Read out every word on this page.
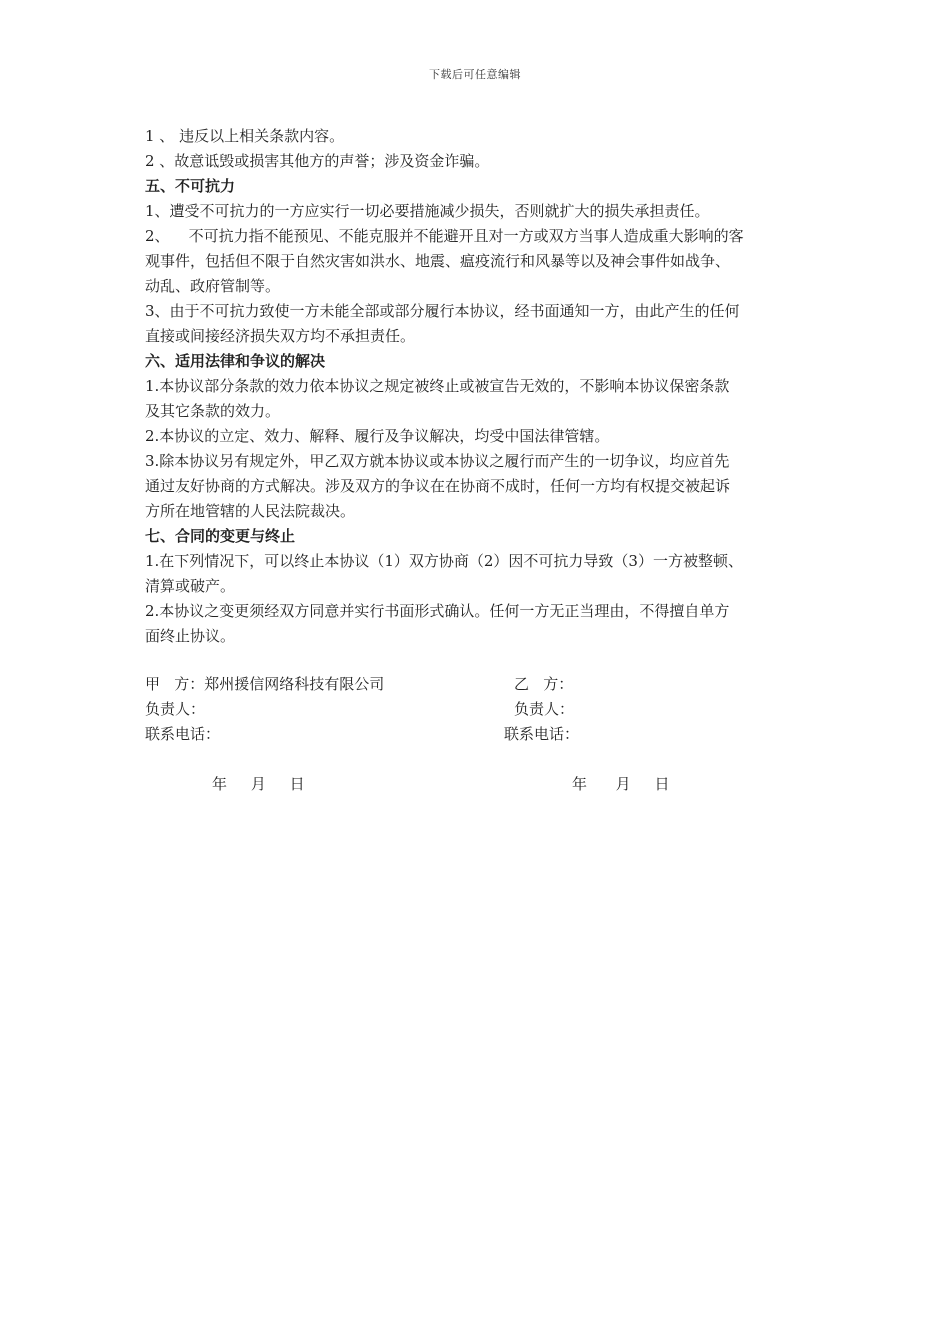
下载后可任意编辑

1 、 违反以上相关条款内容。

2 、故意诋毁或损害其他方的声誉；涉及资金诈骗。

五、不可抗力

1、遭受不可抗力的一方应实行一切必要措施减少损失，否则就扩大的损失承担责任。

2、    不可抗力指不能预见、不能克服并不能避开且对一方或双方当事人造成重大影响的客

观事件，包括但不限于自然灾害如洪水、地震、瘟疫流行和风暴等以及神会事件如战争、

动乱、政府管制等。

3、由于不可抗力致使一方未能全部或部分履行本协议，经书面通知一方，由此产生的任何

直接或间接经济损失双方均不承担责任。

六、适用法律和争议的解决

1.本协议部分条款的效力依本协议之规定被终止或被宣告无效的，不影响本协议保密条款

及其它条款的效力。

2.本协议的立定、效力、解释、履行及争议解决，均受中国法律管辖。

3.除本协议另有规定外，甲乙双方就本协议或本协议之履行而产生的一切争议，均应首先

通过友好协商的方式解决。涉及双方的争议在在协商不成时，任何一方均有权提交被起诉

方所在地管辖的人民法院裁决。

七、合同的变更与终止

1.在下列情况下，可以终止本协议（1）双方协商（2）因不可抗力导致（3）一方被整顿、

清算或破产。

2.本协议之变更须经双方同意并实行书面形式确认。任何一方无正当理由，不得擅自单方

面终止协议。

甲   方：郑州援信网络科技有限公司
负责人：
联系电话：
乙   方：
负责人：
联系电话：
年     月     日	年      月     日
